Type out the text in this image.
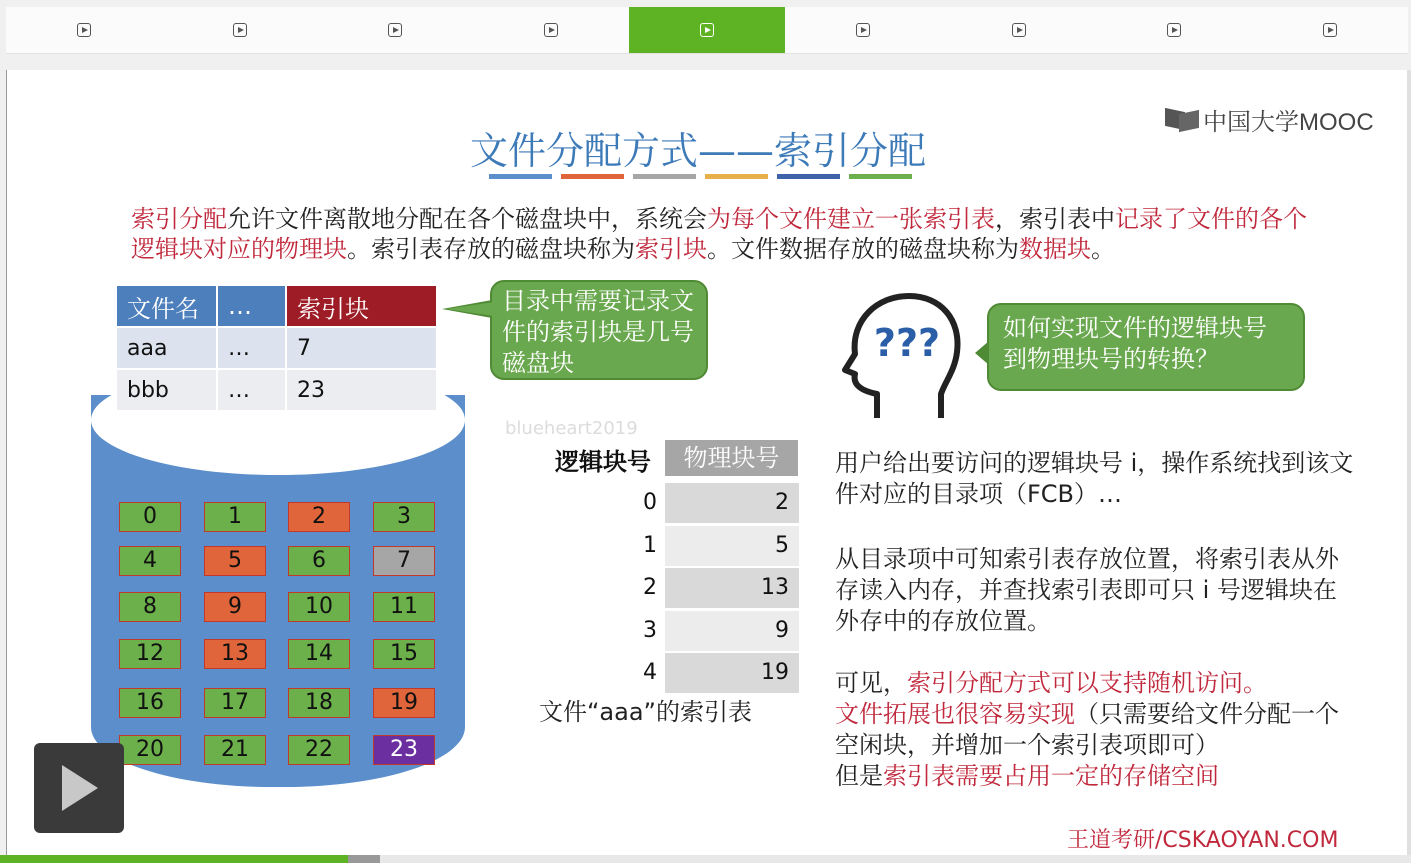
中国大学MOOC
文件分配方式——索引分配
索引分配允许文件离散地分配在各个磁盘块中，系统会为每个文件建立一张索引表，索引表中记录了文件的各个逻辑块对应的物理块。索引表存放的磁盘块称为索引块。文件数据存放的磁盘块称为数据块。
0	1	2	3
4	5	6	7
8	9	10	11
12	13	14	15
16	17	18	19
20	21	22	23
文件名	…	索引块
aaa	…	7
bbb	…	23
目录中需要记录文件的索引块是几号磁盘块
blueheart2019
逻辑块号	物理块号
0	2
1	5
2	13
3	9
4	19
文件“aaa”的索引表
???	如何实现文件的逻辑块号到物理块号的转换？
用户给出要访问的逻辑块号 i，操作系统找到该文件对应的目录项（FCB）…
从目录项中可知索引表存放位置，将索引表从外存读入内存，并查找索引表即可只 i 号逻辑块在外存中的存放位置。
可见，索引分配方式可以支持随机访问。
文件拓展也很容易实现（只需要给文件分配一个空闲块，并增加一个索引表项即可）
但是索引表需要占用一定的存储空间
王道考研/CSKAOYAN.COM
